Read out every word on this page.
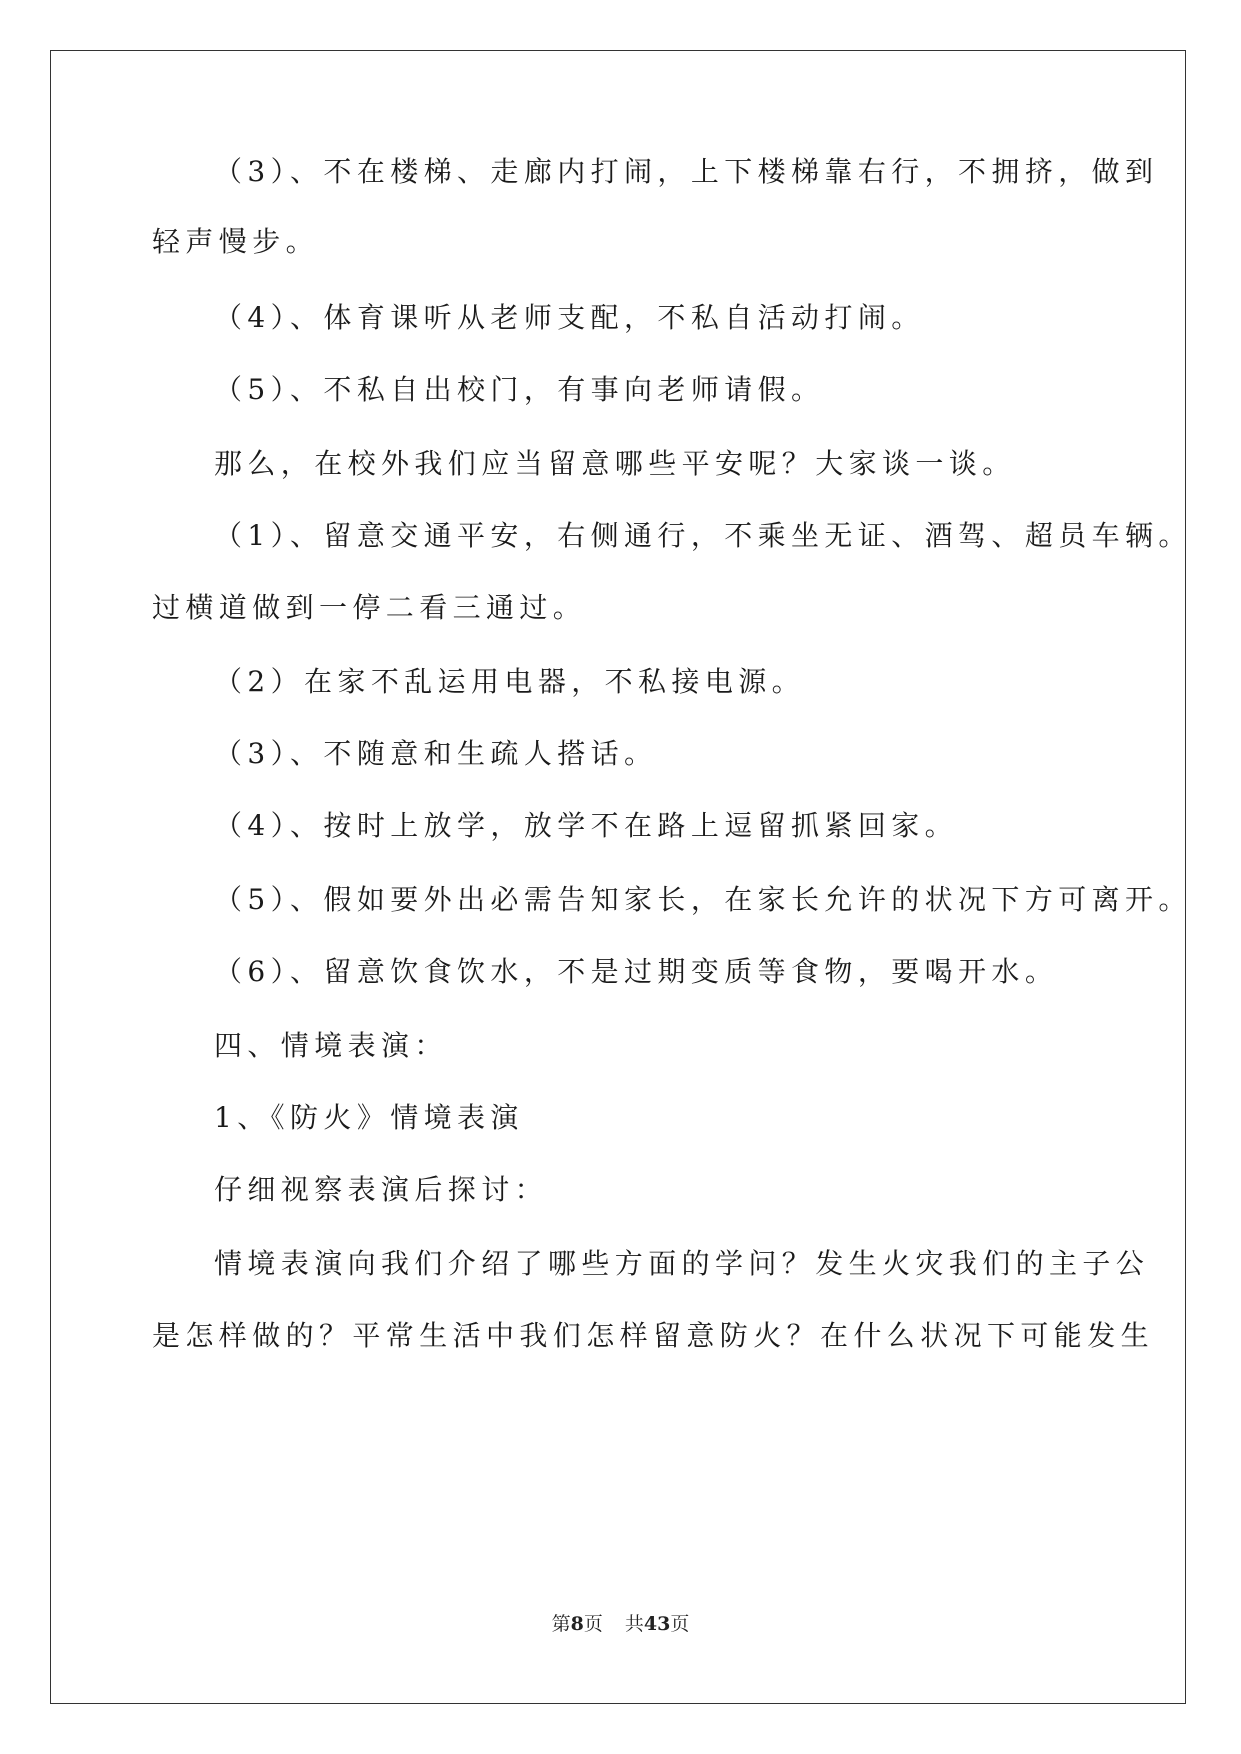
（3）、不在楼梯、走廊内打闹，上下楼梯靠右行，不拥挤，做到
轻声慢步。
（4）、体育课听从老师支配，不私自活动打闹。
（5）、不私自出校门，有事向老师请假。
那么，在校外我们应当留意哪些平安呢？大家谈一谈。
（1）、留意交通平安，右侧通行，不乘坐无证、酒驾、超员车辆。
过横道做到一停二看三通过。
（2）在家不乱运用电器，不私接电源。
（3）、不随意和生疏人搭话。
（4）、按时上放学，放学不在路上逗留抓紧回家。
（5）、假如要外出必需告知家长，在家长允许的状况下方可离开。
（6）、留意饮食饮水，不是过期变质等食物，要喝开水。
四、情境表演：
1、《防火》情境表演
仔细视察表演后探讨：
情境表演向我们介绍了哪些方面的学问？发生火灾我们的主子公
是怎样做的？平常生活中我们怎样留意防火？在什么状况下可能发生
第8页 共43页
